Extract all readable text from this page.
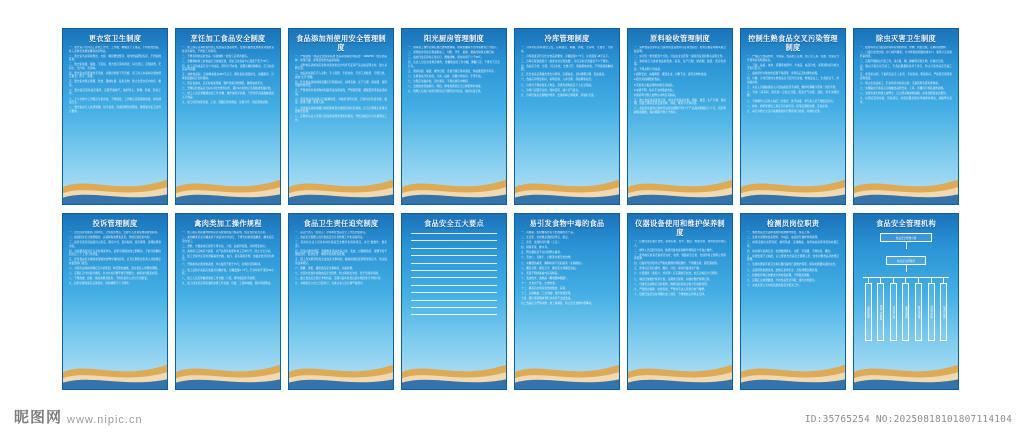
更衣室卫生制度

一、更衣室只允许员工存放工作衣、工作服、鞋帽及个人用品，不得存放食品、私人杂物及易燃易爆等危险物品。

二、更衣室内应保持整洁，衣柜、鞋柜摆放整齐，柜内物品摆放有序，不得乱堆乱放。

三、更衣室地面、墙面、天花板、更衣柜应保持清洁，每日清扫，定期消毒，无积尘、无污垢、无异味。

四、更衣室内应配备洗手设施、消毒设施和干手设施，员工进入车间前必须按规定更衣、洗手、消毒。

五、更衣室内禁止吸烟、饮食、随地吐痰、乱扔杂物，禁止在更衣室内休息、睡觉。

六、更衣室应保持良好通风，定期开窗换气，做好防尘、防蝇、防鼠、防虫工作。

七、个人衣物与工作服应分柜存放，不得混放，工作服应定期清洗消毒，保持清洁卫生。

八、更衣室由专人负责管理，每日检查，发现问题及时整改，确保更衣室卫生符合要求。

烹饪加工食品安全制度

一、加工前应认真检查待加工的食品及食品原料，发现有腐败变质或者其他感官性状异常的，不得加工和使用。

二、不得将回收后的食品（包括辅料）经加工后再次销售。

三、需要熟制加工的食品应当烧熟煮透，其加工时食品中心温度不低于70℃。

四、加工后的成品应当与半成品、原料分开存放，需要冷藏的熟制品，应当在放凉后再冷藏。

五、油炸食品时，应控制油温在200℃以下，避免食品表面炭化，油脂酸价、过氧化值超标应及时更换。

六、蒸煮食品时，应定时检查蒸箱、锅炉设备运转情况，确保加热充分。

七、烹调后的食品应当在2小时内食用完毕，超过2小时的应当高温或低温存放。

八、加工人员应穿戴清洁的工作衣帽，操作前洗手消毒，不得用手直接接触直接入口食品。

九、加工场所内的设备、工具、容器应保持清洁，生熟分开，用后清洗消毒。

食品添加剂使用安全管理制度

一、严格按照《食品安全国家标准 食品添加剂使用标准》（GB2760）规定的品种、使用范围、使用量使用食品添加剂。

二、采购食品添加剂应索取并留存供货方的许可证和产品合格证明文件，建立采购记录。

三、食品添加剂应专人采购、专人保管、专柜存放、专用工具称量、专册记录，做到"五专"管理。

四、贮存食品添加剂的容器应有明显标识，标明名称、生产日期、保质期、使用范围和使用量。

五、严禁使用非食用物质和滥用食品添加剂，严禁超范围、超限量使用食品添加剂。

六、使用食品添加剂应当准确称量，并做好使用记录，记录内容包括名称、数量、使用日期、使用人等。

七、发现食品添加剂超过保质期或者出现感官性状异常的，应当立即停止使用并按规定处理。

八、定期对从业人员进行食品添加剂使用知识培训，考核合格后方可从事相关工作。

阳光厨房管理制度

一、厨房加工操作区域应通过透明玻璃墙、视频直播等方式向消费者公开展示。

二、视频监控设备应覆盖粗加工、切配、烹饪、备餐、餐具洗消等关键区域。

三、监控设备应保持正常运行，图像清晰，保存时间不少于30天。

四、从业人员应自觉规范操作，穿戴整洁的工作衣帽，佩戴口罩，不得有不卫生行为。

五、厨房地面、墙面、操作台面、设备设施应保持清洁，物品摆放整齐有序。

六、生熟食品分区存放，刀具、砧板、容器分类标识，专用专放。

七、垃圾应加盖存放，及时清运，不得在厨房内堆积。

八、发现监控设备损坏、遮挡、断电等情况应当立即报修并恢复。

九、管理人员每日对阳光厨房运行情况进行检查，做好检查记录。

冷库管理制度

一、冷库内应保持清洁卫生，定期清扫、除霜、消毒，无异味、无血水、无积冰。

二、冷库温度应符合贮存食品的要求，冷藏温度0～5℃，冷冻温度-18℃以下。

三、冷库应配备温度计（温度自动记录装置），每日定时记录温度不少于两次。

四、食品应分类、分架、分区存放，生熟分开，离墙离地存放，不得直接接触地面。

五、贮存食品应遵循先进先出原则，定期检查，及时清理过期、变质食品。

六、食品应有明显标识，标明名称、入库日期、保质期等信息。

七、冷库内不得存放私人物品、有毒有害物品及个人生活用品。

八、冷库门应随手关闭，保持密闭，减少冷气流失。

九、冷库设备应定期维护保养，发现故障立即报修，并做好记录。

原料验收管理制度

一、采购食品及原料应当查验供货者的许可证和食品出厂检验合格证明或其他合格证明。

二、实行统一配送经营方式的，可由企业总部统一查验供货者的相关证明文件。

三、验收时应当查验食品的包装、标签、生产日期、保质期、数量、感官性状等。

四、不得采购下列食品：

1.腐败变质、油脂酸败、霉变生虫、污秽不洁、混有异物的食品；

2.超过保质期限的食品；

3.无检验合格证明的肉类及其制品；

4.来源不明、标识不全的散装食品；

5.国家明令禁止的野生动物及其制品。

五、建立食品进货查验记录，真实记录食品名称、规格、数量、生产日期、保质期、进货日期以及供货者名称、地址、联系方式等内容。

六、食品进货查验记录和凭证保存期限不得少于产品保质期满后六个月，没有明确保质期的，保存期限不得少于两年。

控制生熟食品交叉污染管理制度

一、严格区分食品原料、半成品、成品加工区域，加工用工具、容器、设备应分开使用并有明显标识。

二、刀具、砧板、抹布、容器等按原料、半成品、成品分类，采用颜色标识或文字标识区分。

三、盛放原料与熟食的容器不得混用，使用后应及时清洗消毒。

四、冷藏、冷冻设备内生熟食品应分层分区存放，熟食品在上，生食品在下，并加盖存放。

五、从业人员接触直接入口食品前应洗手消毒，操作时佩戴口罩和一次性手套。

六、专间（凉菜间、裱花间）应独立设置，配备空气消毒、温控、洗手消毒设施。

七、专间操作人员进入前应二次更衣、洗手消毒，非专间人员不得随意进出。

八、抹布、拖把等清洁工具应分区域专用，使用后清洗消毒、定位存放。

九、每日对防止交叉污染措施的执行情况进行检查，并做好记录。

除虫灭害卫生制度

一、经营场所应当配备并保持有效的防鼠、防蝇、防虫设施，定期检查维修。

二、门窗应加设纱窗、纱门或风幕机，与外界直接相通的排水口、通风口应加装防鼠网罩。

三、定期开展除虫灭害工作，杀灭鼠、蝇、蟑螂等有害生物，并做好记录。

四、除虫灭害应在无加工、无食品暴露的条件下进行，防止污染食品及设备工具。

五、使用杀虫剂、灭鼠药应由专人负责，专柜存放，明显标识，严格登记领用和使用数量。

六、禁止在食品加工、贮存场所存放杀虫剂、灭鼠药等有毒有害物质。

七、实施除虫灭害后应对接触食品的设备、工具、容器进行彻底清洗消毒。

八、发现有害生物侵入或孳生，应立即采取措施消除，并查找原因加以整改。

九、垃圾应密闭存放，及时清运，垃圾容器及周边环境保持清洁，消除孳生条件。

投诉管理制度

一、设立投诉受理部门和岗位，公布投诉电话，安排专人负责受理消费者投诉。

二、接到投诉应当热情接待，认真听取消费者意见，详细记录投诉内容。

三、投诉记录应包括投诉人姓名、联系方式、投诉时间、投诉事项、处理结果等内容。

四、对消费者投诉应当及时调查核实，能够当场解决的立即解决，不能当场解决的应在三个工作日内答复。

五、涉及食品安全事故或者疑似食物中毒的投诉，应当立即报告负责人并按规定向监管部门报告。

六、对投诉反映的问题应当分析原因，制定整改措施，落实责任人和整改期限。

七、定期汇总分析投诉情况，针对共性问题开展专项整治，持续改进服务质量。

八、不得推诿、拒绝、拖延消费者投诉，不得对投诉人进行打击报复。

九、投诉处理档案应妥善保存，保存期限不少于两年。

禽肉类加工操作规程

一、加工前应检查禽肉原料是否有检验检疫合格证明，感官性状是否正常。

二、禽肉解冻应在冷藏条件下或流动水中进行，不得长时间常温解冻，解冻后应及时加工。

三、清洗、分割禽肉应使用专用水池、刀具、砧板和容器，并有明显标识。

四、禽肉加工区域应与蔬菜、水产品等其他原料加工区域分开，防止交叉污染。

五、加工过程中应及时清除禽类内脏、血污、羽毛等废弃物，加盖存放并及时清运。

六、烹制禽肉必须烧熟煮透，中心温度不低于70℃，并保持足够时间。

七、加工后的半成品应加盖并冷藏存放，冷藏温度0～5℃，贮存时间不超过24小时。

八、加工人员应穿戴清洁的工作衣帽、口罩，操作前后洗手消毒。

九、加工结束后应彻底清洗消毒工作台面、设备、工具和地面，保持环境整洁。

食品卫生责任追究制度

一、法定代表人（负责人）对本单位食品安全工作负全面责任。

二、食品安全管理人员对食品安全日常管理工作负直接责任。

三、各岗位从业人员对本岗位食品安全操作负具体责任，实行"谁操作、谁负责"。

四、因违反操作规程、管理制度造成食品污染、变质、过期销售的，视情节给予通报批评、经济处罚、调离岗位或辞退处理。

五、因工作失职导致发生食品安全事故的，除承担相应经济赔偿责任外，依法追究法律责任。

六、隐瞒、谎报、缓报食品安全事故的，从重处理。

七、对及时发现并消除食品安全隐患、防止事故发生的，给予表扬和奖励。

八、建立食品安全责任考核档案，定期对各岗位责任落实情况进行考核评价。

九、本制度自公布之日起执行，全体从业人员必须严格遵守。

食品安全五大要点	易引发食物中毒的食品

一、河豚鱼、织纹螺等含有天然毒素的水产品。

二、生豆浆、未烧熟煮透的四季豆、扁豆。

三、发芽、变绿的马铃薯（土豆）。

四、鲜黄花菜、鲜木耳。

五、野生蘑菇及不认识的野生菌类。

六、苦杏仁、苦桃仁、白果等含氰苷类食物。

七、未腌透的咸菜、腌制时间不足的蔬菜（亚硝酸盐）。

八、霉变甘蔗、霉变玉米、霉变花生等霉变食品。

九、死因不明的畜禽肉及其制品。

十、变质的米、面制品（椰毒假单胞菌）。

十一、生食水产品、生食肉类。

十二、隔夜后未彻底加热的熟食、凉菜。

十三、亚硝酸盐（工业用盐）误作食盐使用。

十四、超过保质期或者贮存条件不当的食品。

以上食品应当严禁采购、加工和销售，防止发生食物中毒事故。

仪器设备使用和维护保养制度

一、仪器设备应建立台账，标明名称、型号、数量、购置日期、使用状态和责任人。

二、操作人员应经过培训，熟悉设备性能和操作规程后方可独立操作。

三、使用前应检查设备是否完好，电源、管路是否正常，发现异常立即停止使用并报修。

四、设备使用过程中应严格按照操作规程操作，不得超负荷、超范围使用。

五、使用后应及时清洗、擦拭、归位，保持设备清洁干燥。

六、计量器具（温度计、秤具等）应定期检定校准，检定合格后方可使用。

七、制定设备维护保养计划，定期进行保养，并做好维护保养记录。

八、设备发生故障应及时报修，维修后经检查合格方可重新使用。

九、严禁擅自拆卸、改装设备，严禁非专业人员进行电气维修。

十、报废设备应及时清理出加工场所，不得堆放占用作业空间。

检测员岗位职责

一、熟悉食品安全法律法规和检测操作规范，持证上岗。

二、负责对采购的食品原料、半成品、成品进行抽样快速检测。

三、按规定做好农药残留、兽药残留、亚硝酸盐、食用油品质等项目的检测工作。

四、如实填写检测记录，检测数据真实、完整、可追溯，不得伪造、篡改。

五、检测发现不合格的，应立即报告食品安全管理人员，封存问题食品并按规定处理。

六、负责检测室环境卫生和仪器设备的日常维护保养，保持检测器具清洁完好。

七、妥善保管检测试剂，按规定条件贮存，及时清理过期试剂。

八、检测废弃物应按要求分类收集处理，不得随意倾倒。

九、定期汇总检测数据，分析食品安全风险，提出改进建议。

十、完成负责人交办的其他食品安全相关工作。

食品安全管理机构
食品安全管理小组
食品安全管理员
采购验收组	粗加工切配组	烹饪加工组	备餐供餐组	餐具洗消组	环境卫生组	检测化验组
昵图网 www.nipic.cn	ID:35765254 NO:20250818101807114104
